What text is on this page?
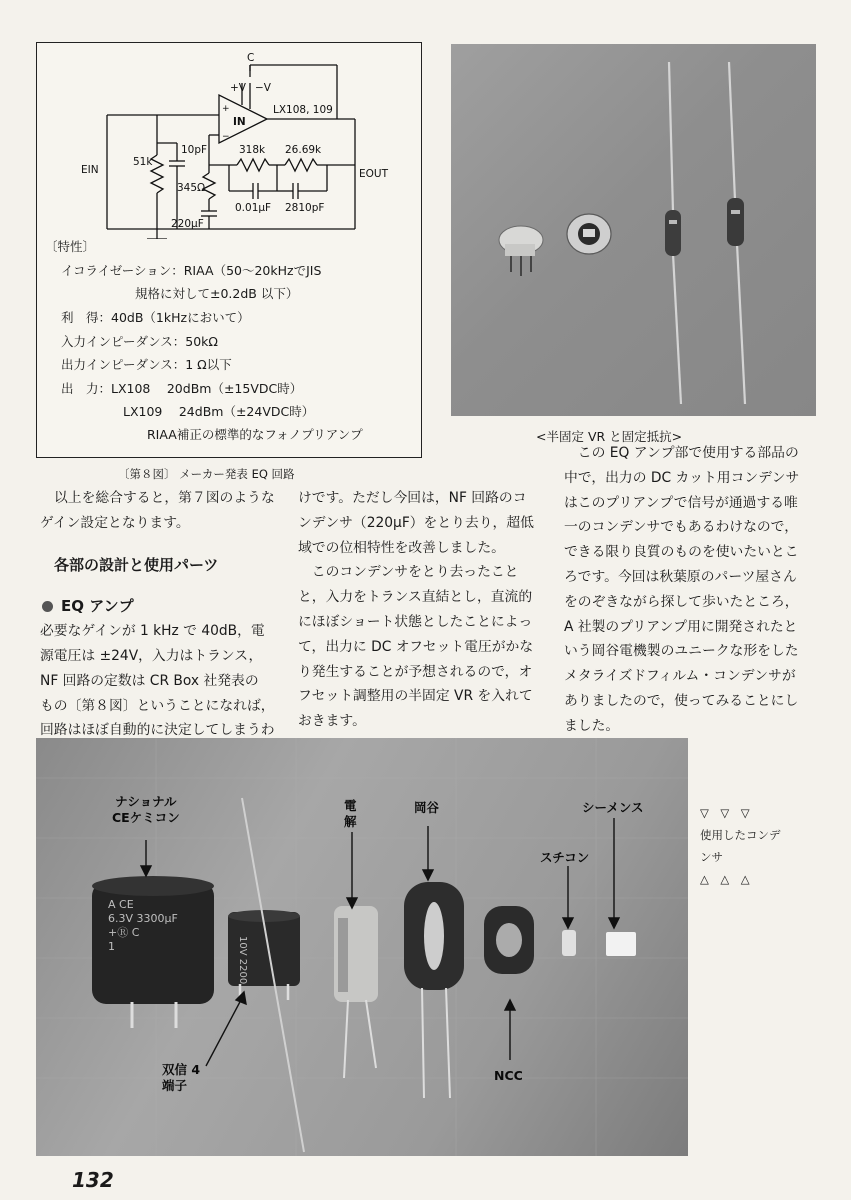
C
+V −V
+
−
IN
LX108, 109
51k
10pF
345Ω
220μF
318k 26.69k
0.01μF 2810pF
EIN	EOUT
〔特性〕
イコライゼーション：RIAA（50〜20kHzでJIS
規格に対して±0.2dB 以下）
利　得：40dB（1kHzにおいて）
入力インピーダンス：50kΩ
出力インピーダンス：1 Ω以下
出　力：LX108　 20dBm（±15VDC時）
LX109　 24dBm（±24VDC時）
RIAA補正の標準的なフォノプリアンプ
〔第８図〕 メーカー発表 EQ 回路
<半固定 VR と固定抵抗>
以上を総合すると，第７図のような
ゲイン設定となります。
各部の設計と使用パーツ
EQ アンプ
必要なゲインが 1 kHz で 40dB，電
源電圧は ±24V，入力はトランス，
NF 回路の定数は CR Box 社発表の
もの〔第８図〕ということになれば，
回路はほぼ自動的に決定してしまうわ
けです。ただし今回は，NF 回路のコ
ンデンサ（220μF）をとり去り，超低
域での位相特性を改善しました。
　このコンデンサをとり去ったこと
と，入力をトランス直結とし，直流的
にほぼショート状態としたことによっ
て，出力に DC オフセット電圧がかな
り発生することが予想されるので，オ
フセット調整用の半固定 VR を入れて
おきます。
　この EQ アンプ部で使用する部品の
中で，出力の DC カット用コンデンサ
はこのプリアンプで信号が通過する唯
一のコンデンサでもあるわけなので，
できる限り良質のものを使いたいとこ
ろです。今回は秋葉原のパーツ屋さん
をのぞきながら探して歩いたところ，
A 社製のプリアンプ用に開発されたと
いう岡谷電機製のユニークな形をした
メタライズドフィルム・コンデンサが
ありましたので，使ってみることにし
ました。
A CE
6.3V 3300μF
+Ⓡ C
1	10V 2200
ナショナル
CEケミコン
電
解
岡谷	シーメンス
スチコン
双信 4
端子
NCC
▽　▽　▽
使用したコンデ
ンサ
△　△　△
132
